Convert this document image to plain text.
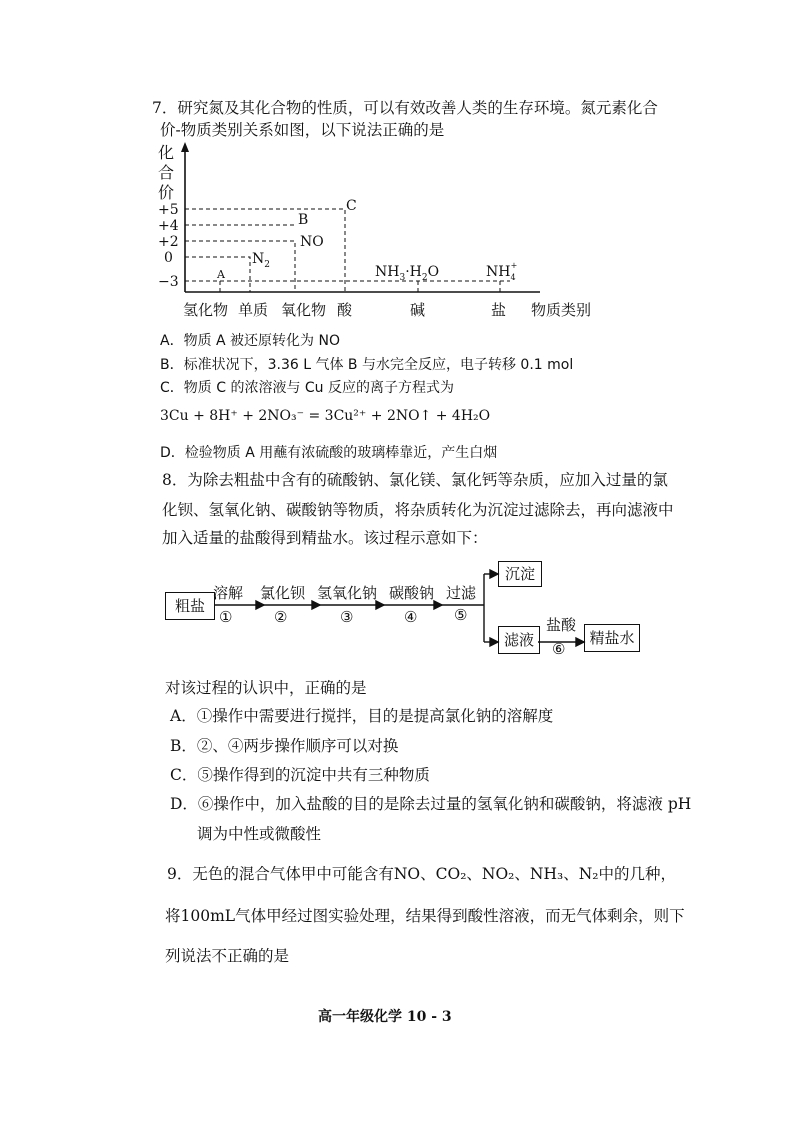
7．研究氮及其化合物的性质，可以有效改善人类的生存环境。氮元素化合
价-物质类别关系如图，以下说法正确的是
化
合
价
+5
+4
+2
0
−3	A
$N_2$
B
NO
C
$NH_3\cdot H_2O$	$NH_4+$
氢化物 单质 氧化物 酸	碱	盐 物质类别
A．物质 A 被还原转化为 NO
B．标准状况下，3.36 L 气体 B 与水完全反应，电子转移 0.1 mol
C．物质 C 的浓溶液与 Cu 反应的离子方程式为
3Cu + 8H⁺ + 2NO₃⁻ = 3Cu²⁺ + 2NO↑ + 4H₂O
D．检验物质 A 用蘸有浓硫酸的玻璃棒靠近，产生白烟
8．为除去粗盐中含有的硫酸钠、氯化镁、氯化钙等杂质，应加入过量的氯
化钡、氢氧化钠、碳酸钠等物质，将杂质转化为沉淀过滤除去，再向滤液中
加入适量的盐酸得到精盐水。该过程示意如下：
粗盐
溶解
①
氯化钡
②
氢氧化钠
③
碳酸钠
④
过滤
⑤
沉淀
滤液
盐酸
⑥
精盐水
对该过程的认识中，正确的是
A．①操作中需要进行搅拌，目的是提高氯化钠的溶解度
B．②、④两步操作顺序可以对换
C．⑤操作得到的沉淀中共有三种物质
D．⑥操作中，加入盐酸的目的是除去过量的氢氧化钠和碳酸钠，将滤液 pH
调为中性或微酸性
9．无色的混合气体甲中可能含有NO、CO₂、NO₂、NH₃、N₂中的几种，
将100mL气体甲经过图实验处理，结果得到酸性溶液，而无气体剩余，则下
列说法不正确的是
高一年级化学 10 - 3
